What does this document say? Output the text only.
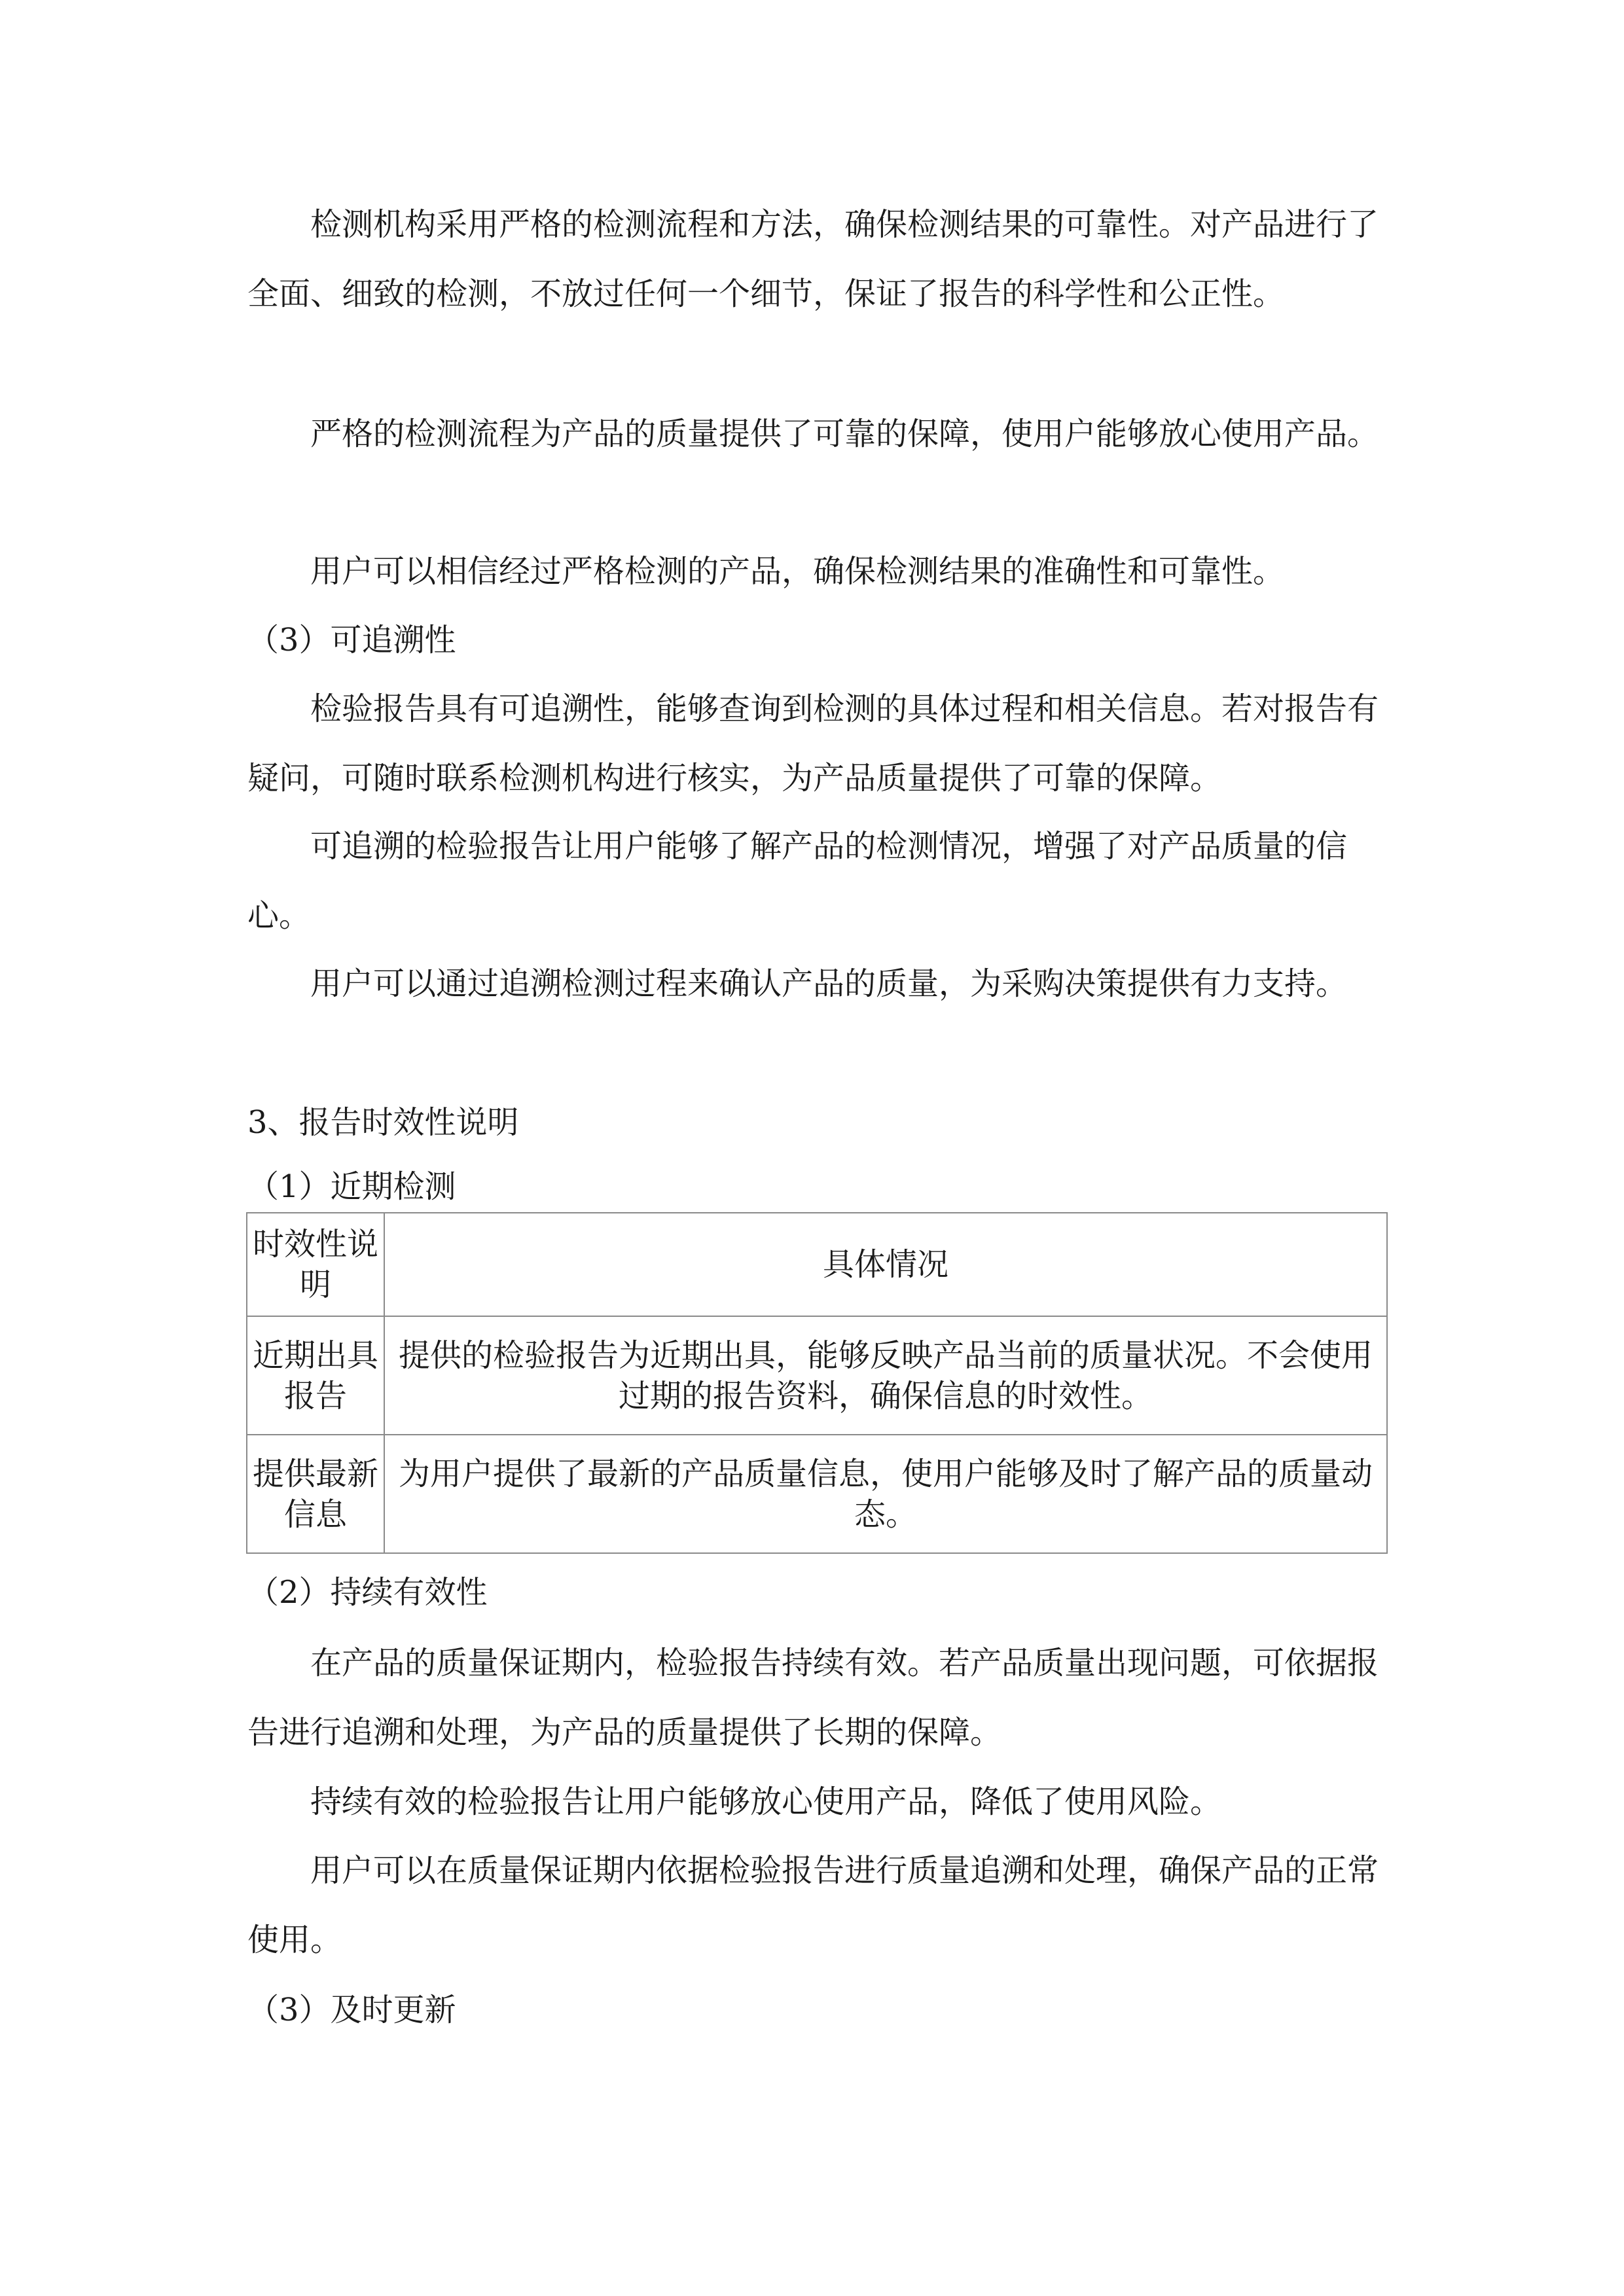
检测机构采用严格的检测流程和方法，确保检测结果的可靠性。对产品进行了全面、细致的检测，不放过任何一个细节，保证了报告的科学性和公正性。

严格的检测流程为产品的质量提供了可靠的保障，使用户能够放心使用产品。

用户可以相信经过严格检测的产品，确保检测结果的准确性和可靠性。

（3）可追溯性

检验报告具有可追溯性，能够查询到检测的具体过程和相关信息。若对报告有疑问，可随时联系检测机构进行核实，为产品质量提供了可靠的保障。

可追溯的检验报告让用户能够了解产品的检测情况，增强了对产品质量的信心。

用户可以通过追溯检测过程来确认产品的质量，为采购决策提供有力支持。

3、报告时效性说明

（1）近期检测

时效性说明	具体情况
近期出具报告	提供的检验报告为近期出具，能够反映产品当前的质量状况。不会使用过期的报告资料，确保信息的时效性。
提供最新信息	为用户提供了最新的产品质量信息，使用户能够及时了解产品的质量动态。

（2）持续有效性

在产品的质量保证期内，检验报告持续有效。若产品质量出现问题，可依据报告进行追溯和处理，为产品的质量提供了长期的保障。

持续有效的检验报告让用户能够放心使用产品，降低了使用风险。

用户可以在质量保证期内依据检验报告进行质量追溯和处理，确保产品的正常使用。

（3）及时更新
